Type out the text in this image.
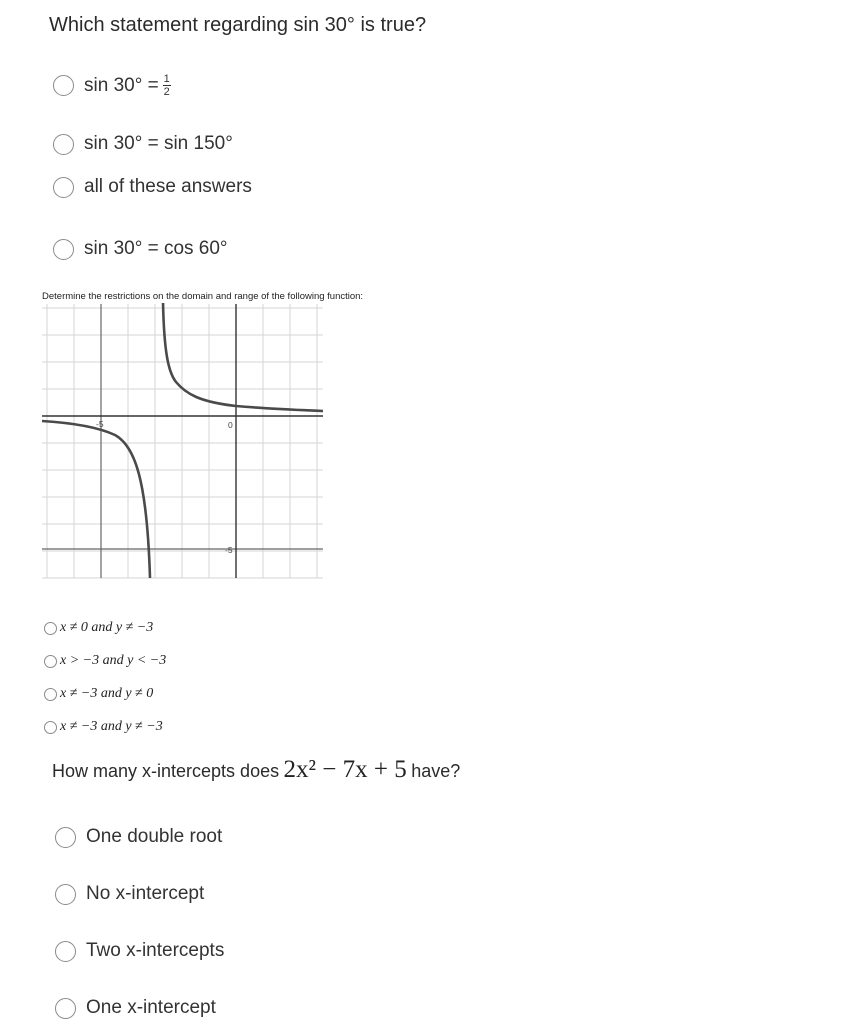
Which statement regarding sin 30° is true?
$\sin 30^\circ = \frac{1}{2}$
sin 30° = sin 150°
all of these answers
sin 30° = cos 60°
Determine the restrictions on the domain and range of the following function:
-5	0
-5
x ≠ 0 and y ≠ −3
x > −3 and y < −3
x ≠ −3 and y ≠ 0
x ≠ −3 and y ≠ −3
How many x-intercepts does 2x² − 7x + 5 have?
One double root
No x-intercept
Two x-intercepts
One x-intercept
